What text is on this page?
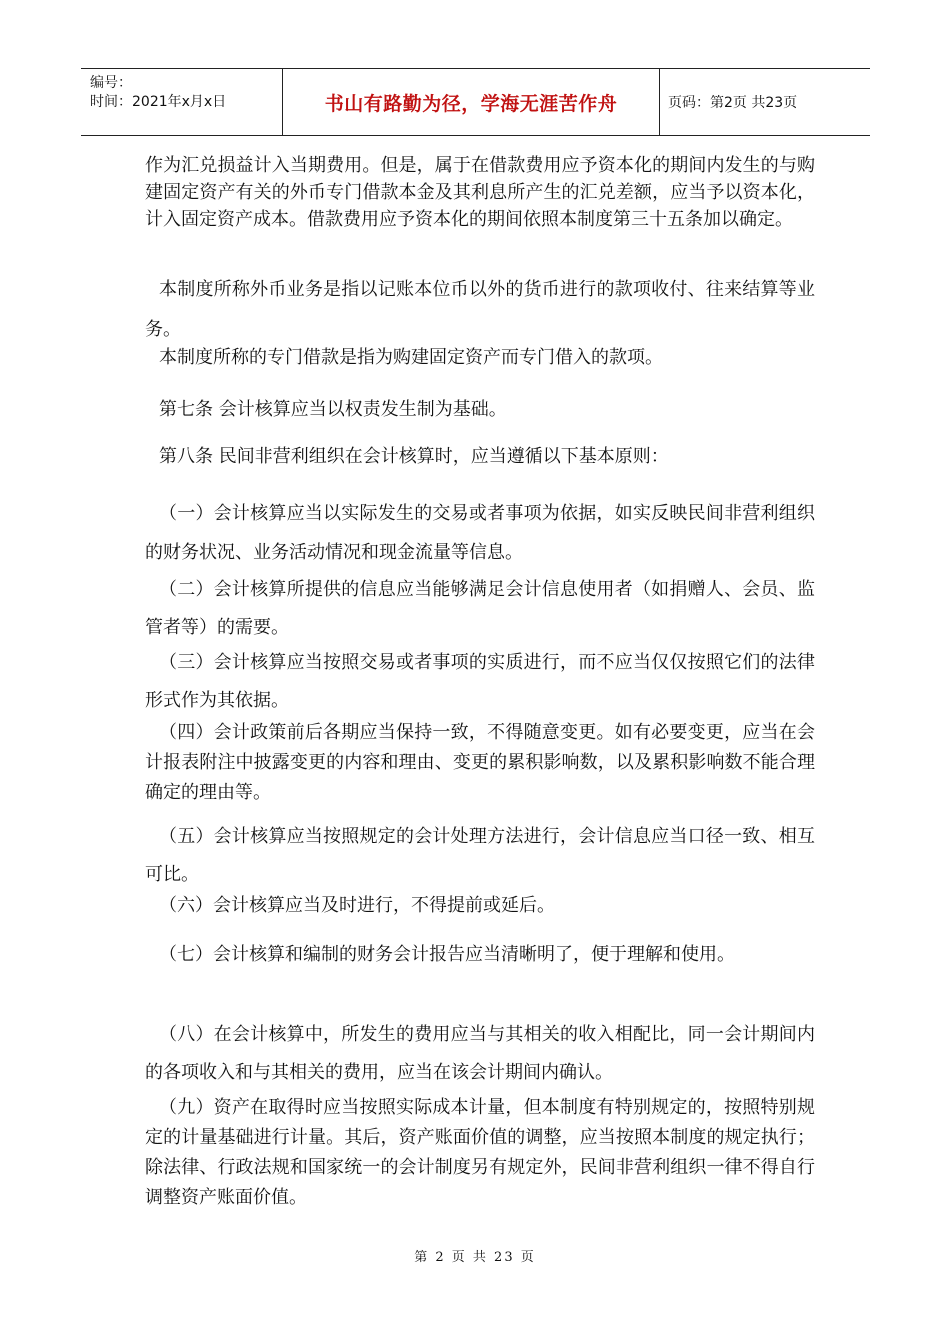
编号：
时间：2021年x月x日	书山有路勤为径，学海无涯苦作舟	页码：第2页 共23页

作为汇兑损益计入当期费用。但是，属于在借款费用应予资本化的期间内发生的与购建固定资产有关的外币专门借款本金及其利息所产生的汇兑差额，应当予以资本化，计入固定资产成本。借款费用应予资本化的期间依照本制度第三十五条加以确定。

本制度所称外币业务是指以记账本位币以外的货币进行的款项收付、往来结算等业务。

本制度所称的专门借款是指为购建固定资产而专门借入的款项。

第七条 会计核算应当以权责发生制为基础。

第八条 民间非营利组织在会计核算时，应当遵循以下基本原则：

（一）会计核算应当以实际发生的交易或者事项为依据，如实反映民间非营利组织的财务状况、业务活动情况和现金流量等信息。

（二）会计核算所提供的信息应当能够满足会计信息使用者（如捐赠人、会员、监管者等）的需要。

（三）会计核算应当按照交易或者事项的实质进行，而不应当仅仅按照它们的法律形式作为其依据。

（四）会计政策前后各期应当保持一致，不得随意变更。如有必要变更，应当在会计报表附注中披露变更的内容和理由、变更的累积影响数，以及累积影响数不能合理确定的理由等。

（五）会计核算应当按照规定的会计处理方法进行，会计信息应当口径一致、相互可比。

（六）会计核算应当及时进行，不得提前或延后。

（七）会计核算和编制的财务会计报告应当清晰明了，便于理解和使用。

（八）在会计核算中，所发生的费用应当与其相关的收入相配比，同一会计期间内的各项收入和与其相关的费用，应当在该会计期间内确认。

（九）资产在取得时应当按照实际成本计量，但本制度有特别规定的，按照特别规定的计量基础进行计量。其后，资产账面价值的调整，应当按照本制度的规定执行；除法律、行政法规和国家统一的会计制度另有规定外，民间非营利组织一律不得自行调整资产账面价值。

第 2 页 共 23 页
